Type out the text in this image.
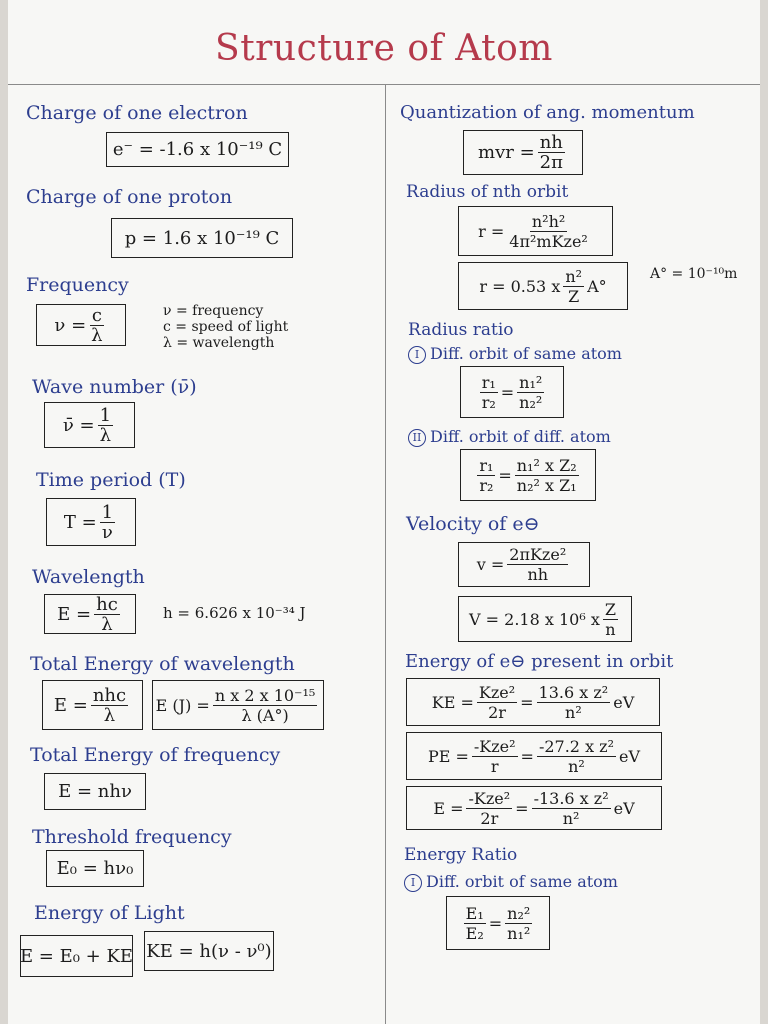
Structure of Atom
Charge of one electron
e⁻ = -1.6 x 10⁻¹⁹ C
Charge of one proton
p = 1.6 x 10⁻¹⁹ C
Frequency
$\nu = \frac{c}{\lambda}$	ν = frequency
c = speed of light
λ = wavelength
Wave number (ν̄)
ν̄ = $\frac{1}{\lambda}$
Time period (T)
$T = \frac{1}{\nu}$
Wavelength
$E = \frac{hc}{\lambda}$	h = 6.626 x 10⁻³⁴ J
Total Energy of wavelength
$E = \frac{\text{nhc}}{\lambda}$ E $(J) = \frac{\text{n x 2 x 10⁻¹⁵}}{\lambda (A^\circ)}$
Total Energy of frequency
E = nhν
Threshold frequency
E₀ = hν₀
Energy of Light
E = E₀ + KE KE = h(ν - ν⁰)
Quantization of ang. momentum
mvr = $\frac{nh}{2\pi}$
Radius of nth orbit
$r = \frac{\text{n²h²}}{\text{4π²mKze²}}$
r = 0.53 x $\frac{\text{n²}}{Z} A^\circ$
A° = 10⁻¹⁰m
Radius ratio
I Diff. orbit of same atom
$\frac{\text{r₁}}{\text{r₂}} = \frac{\text{n₁²}}{\text{n₂²}}$
II Diff. orbit of diff. atom
$\frac{\text{r₁}}{\text{r₂}} = \frac{\text{n₁² x Z₂}}{\text{n₂² x Z₁}}$
Velocity of e⊖
$v = \frac{\text{2πKze²}}{nh}$
V = 2.18 x 10⁶ x $\frac{Z}{n}$
Energy of e⊖ present in orbit
KE = $\frac{\text{Kze²}}{2r} = \frac{\text{13.6 x z²}}{\text{n²}}$ eV
PE = $\frac{\text{-Kze²}}{r} = \frac{\text{-27.2 x z²}}{\text{n²}}$ eV
$E = \frac{\text{-Kze²}}{2r} = \frac{\text{-13.6 x z²}}{\text{n²}}$ eV
Energy Ratio
I Diff. orbit of same atom
$\frac{\text{E₁}}{\text{E₂}} = \frac{\text{n₂²}}{\text{n₁²}}$
